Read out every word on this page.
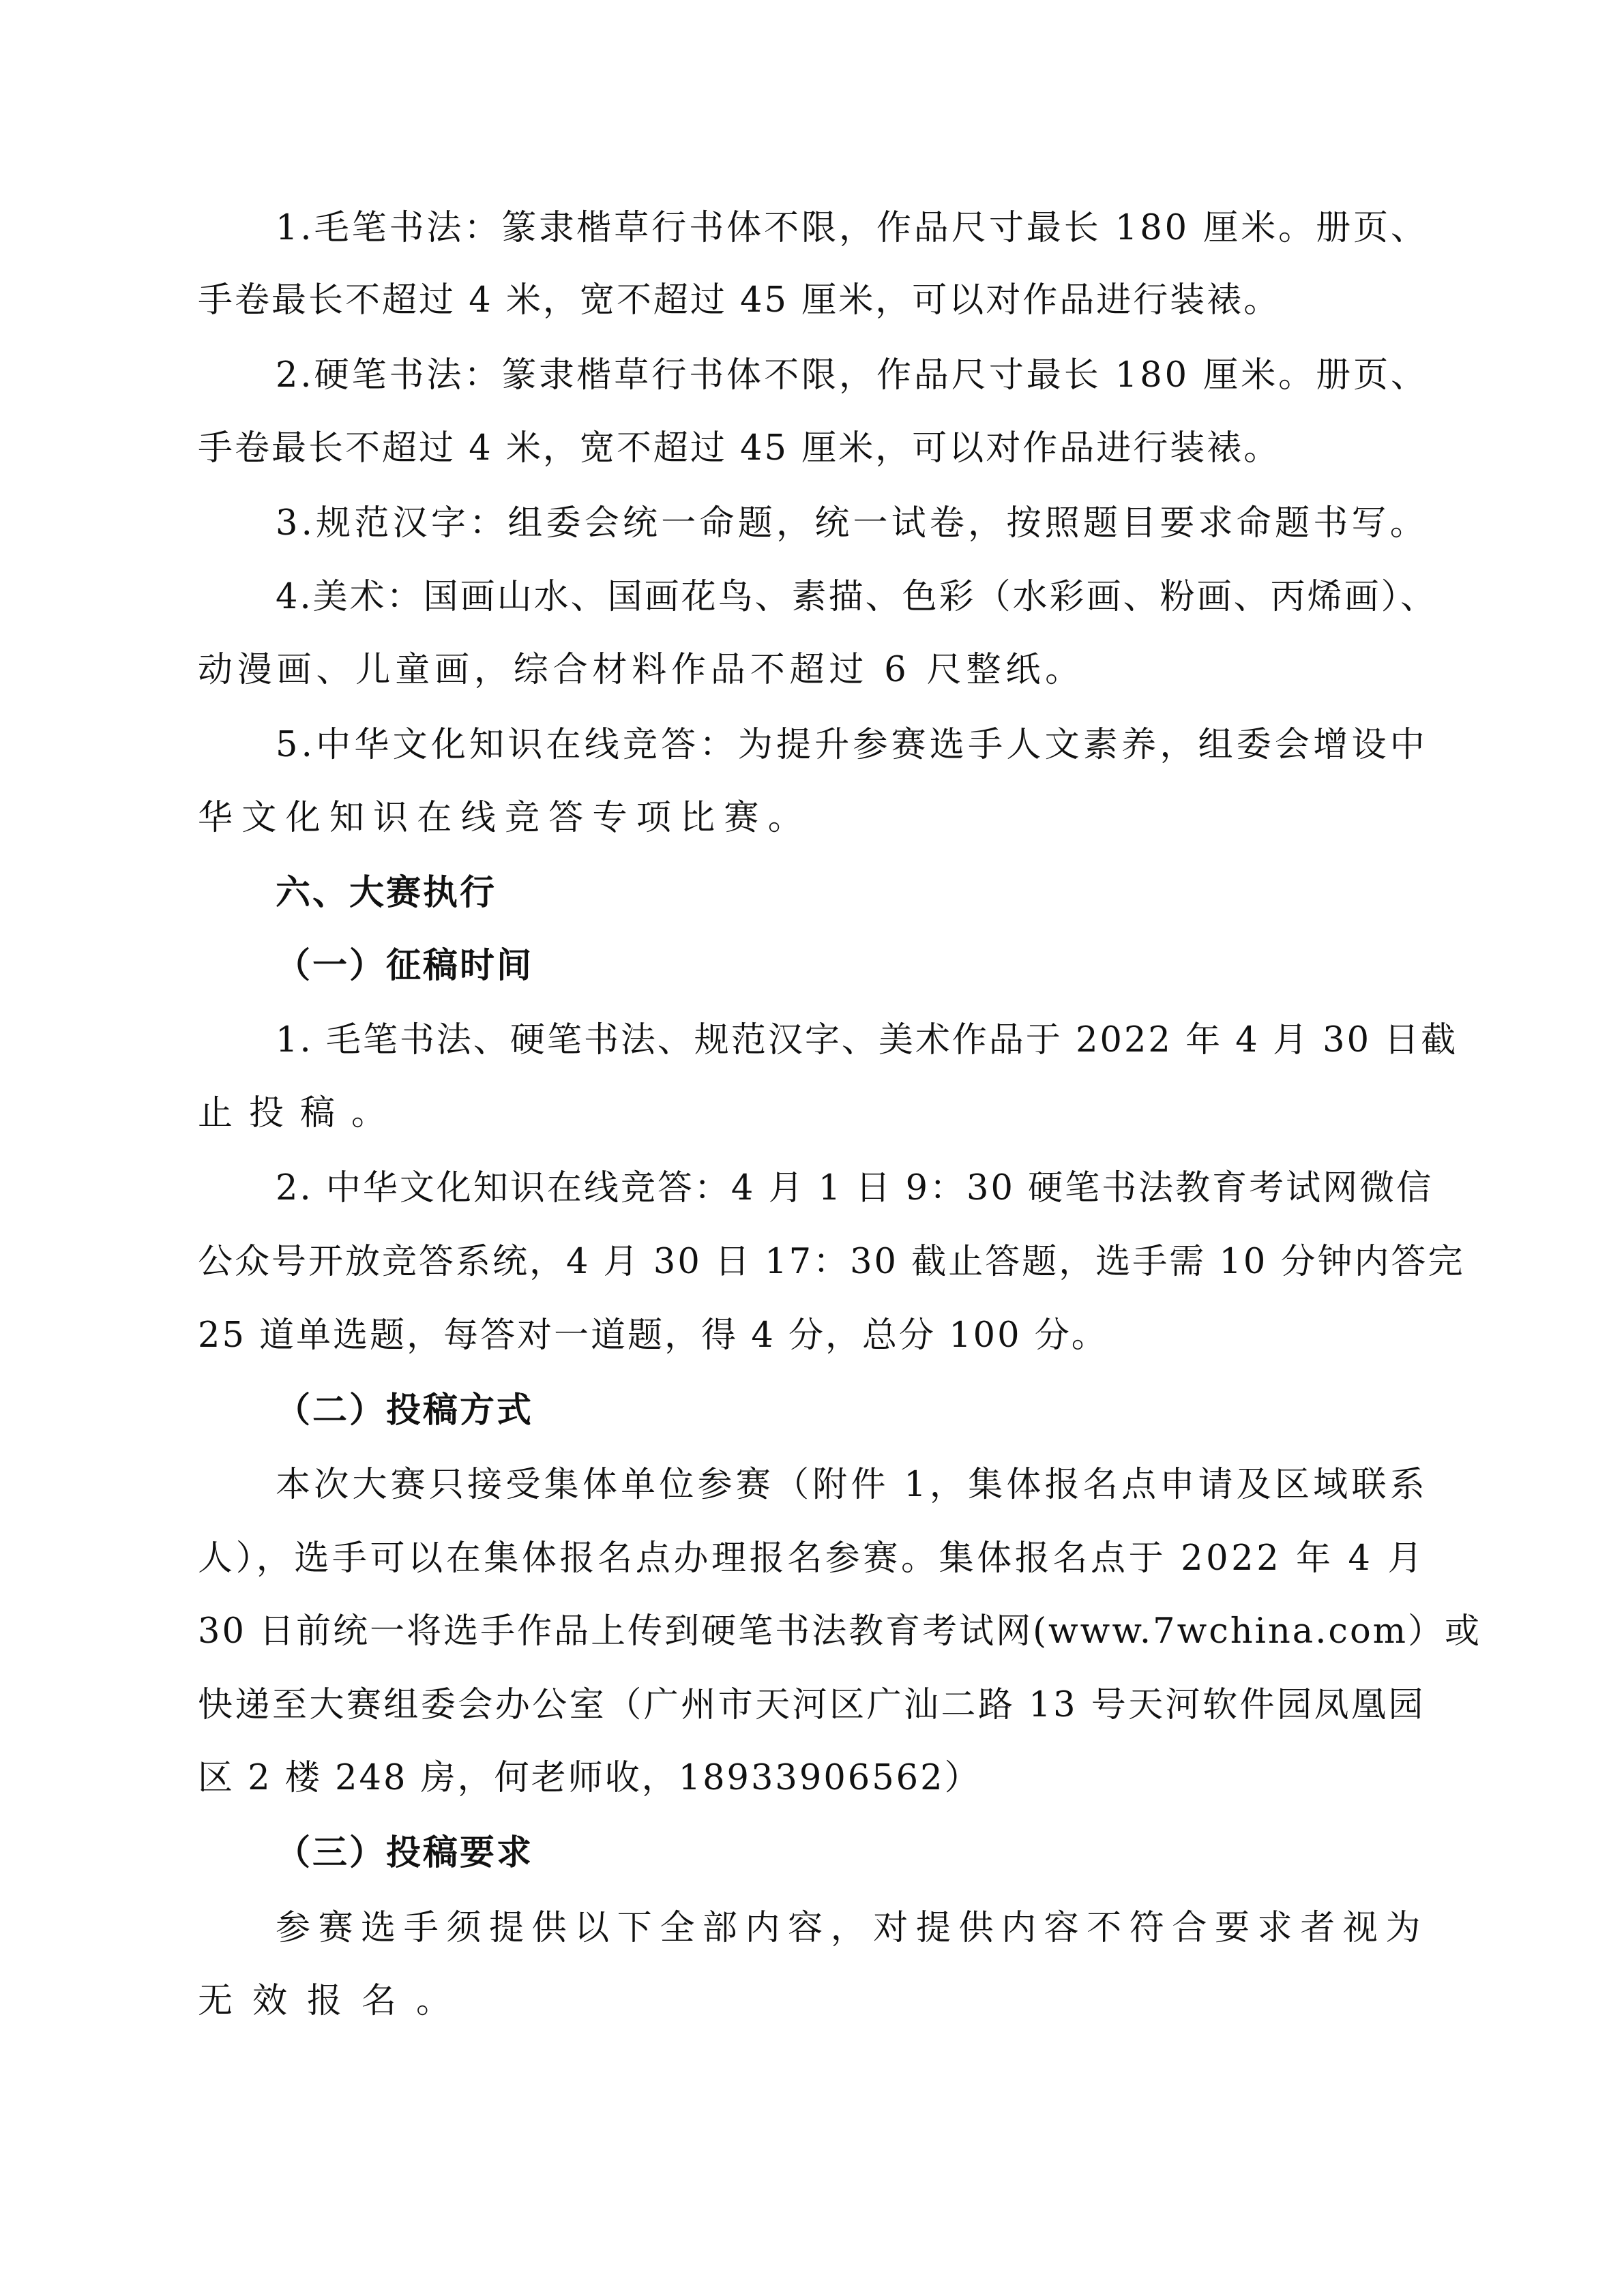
1.毛笔书法：篆隶楷草行书体不限，作品尺寸最长 180 厘米。册页、
手卷最长不超过 4 米，宽不超过 45 厘米，可以对作品进行装裱。
2.硬笔书法：篆隶楷草行书体不限，作品尺寸最长 180 厘米。册页、
手卷最长不超过 4 米，宽不超过 45 厘米，可以对作品进行装裱。
3.规范汉字：组委会统一命题，统一试卷，按照题目要求命题书写。
4.美术：国画山水、国画花鸟、素描、色彩（水彩画、粉画、丙烯画）、
动漫画、儿童画，综合材料作品不超过 6 尺整纸。
5.中华文化知识在线竞答：为提升参赛选手人文素养，组委会增设中
华文化知识在线竞答专项比赛。
六、大赛执行
（一）征稿时间
1. 毛笔书法、硬笔书法、规范汉字、美术作品于 2022 年 4 月 30 日截
止投稿。
2. 中华文化知识在线竞答：4 月 1 日 9：30 硬笔书法教育考试网微信
公众号开放竞答系统，4 月 30 日 17：30 截止答题，选手需 10 分钟内答完
25 道单选题，每答对一道题，得 4 分，总分 100 分。
（二）投稿方式
本次大赛只接受集体单位参赛（附件 1，集体报名点申请及区域联系
人），选手可以在集体报名点办理报名参赛。集体报名点于 2022 年 4 月
30 日前统一将选手作品上传到硬笔书法教育考试网(www.7wchina.com）或
快递至大赛组委会办公室（广州市天河区广汕二路 13 号天河软件园凤凰园
区 2 楼 248 房，何老师收，18933906562）
（三）投稿要求
参赛选手须提供以下全部内容，对提供内容不符合要求者视为
无效报名。
